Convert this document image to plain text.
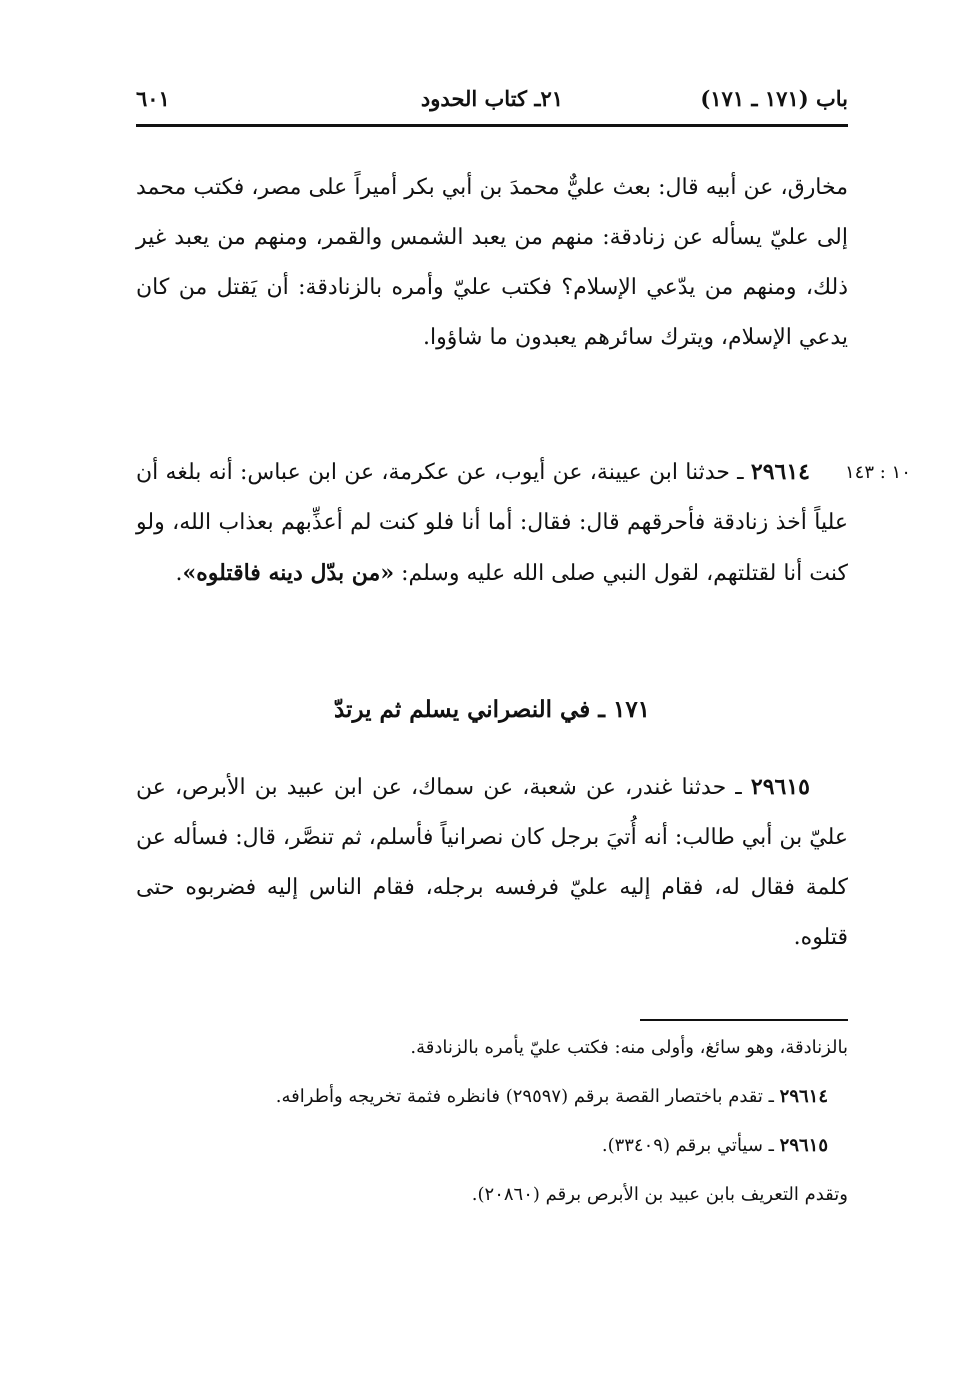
باب (١٧١ ـ ١٧١)
٢١ـ كتاب الحدود
٦٠١

مخارق، عن أبيه قال: بعث عليٌّ محمدَ بن أبي بكر أميراً على مصر، فكتب محمد إلى عليّ يسأله عن زنادقة: منهم من يعبد الشمس والقمر، ومنهم من يعبد غير ذلك، ومنهم من يدّعي الإسلام؟ فكتب عليّ وأمره بالزنادقة: أن يَقتل من كان يدعي الإسلام، ويترك سائرهم يعبدون ما شاؤوا.

١٠ : ١٤٣

٢٩٦١٤ ـ حدثنا ابن عيينة، عن أيوب، عن عكرمة، عن ابن عباس: أنه بلغه أن علياً أخذ زنادقة فأحرقهم قال: فقال: أما أنا فلو كنت لم أعذِّبهم بعذاب الله، ولو كنت أنا لقتلتهم، لقول النبي صلى الله عليه وسلم: «من بدّل دينه فاقتلوه».

١٧١ ـ في النصراني يسلم ثم يرتدّ

٢٩٦١٥ ـ حدثنا غندر، عن شعبة، عن سماك، عن ابن عبيد بن الأبرص، عن عليّ بن أبي طالب: أنه أُتيَ برجل كان نصرانياً فأسلم، ثم تنصَّر، قال: فسأله عن كلمة فقال له، فقام إليه عليّ فرفسه برجله، فقام الناس إليه فضربوه حتى قتلوه.

بالزنادقة، وهو سائغ، وأولى منه: فكتب عليّ يأمره بالزنادقة.

٢٩٦١٤ ـ تقدم باختصار القصة برقم (٢٩٥٩٧) فانظره فثمة تخريجه وأطرافه.

٢٩٦١٥ ـ سيأتي برقم (٣٣٤٠٩).

وتقدم التعريف بابن عبيد بن الأبرص برقم (٢٠٨٦٠).
